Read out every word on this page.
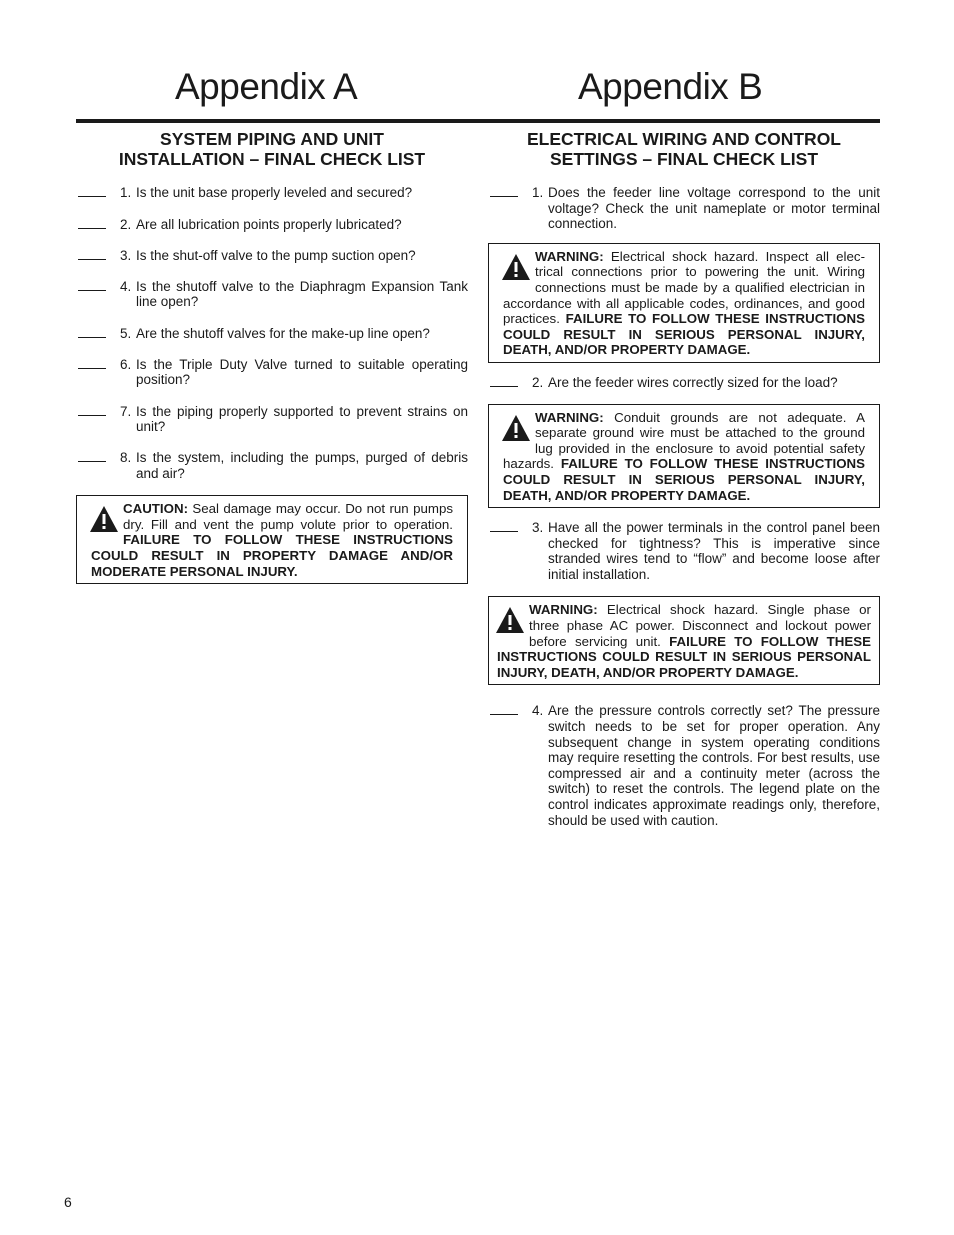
Appendix A	Appendix B
SYSTEM PIPING AND UNIT
INSTALLATION – FINAL CHECK LIST
1. Is the unit base properly leveled and secured?
2. Are all lubrication points properly lubricated?
3. Is the shut-off valve to the pump suction open?
4. Is the shutoff valve to the Diaphragm Expansion Tank line open?
5. Are the shutoff valves for the make-up line open?
6. Is the Triple Duty Valve turned to suitable operating position?
7. Is the piping properly supported to prevent strains on unit?
8. Is the system, including the pumps, purged of debris and air?
CAUTION: Seal damage may occur. Do not run pumps dry. Fill and vent the pump volute prior to operation. FAILURE TO FOLLOW THESE INSTRUCTIONS COULD RESULT IN PROPERTY DAMAGE AND/OR MODERATE PERSONAL INJURY.
ELECTRICAL WIRING AND CONTROL
SETTINGS – FINAL CHECK LIST
1. Does the feeder line voltage correspond to the unit voltage? Check the unit nameplate or motor terminal connection.
WARNING: Electrical shock hazard. Inspect all electrical connections prior to powering the unit. Wiring connections must be made by a qualified electrician in accordance with all applicable codes, ordinances, and good practices. FAILURE TO FOLLOW THESE INSTRUCTIONS COULD RESULT IN SERIOUS PERSONAL INJURY, DEATH, AND/OR PROPERTY DAMAGE.
2. Are the feeder wires correctly sized for the load?
WARNING: Conduit grounds are not adequate. A separate ground wire must be attached to the ground lug provided in the enclosure to avoid potential safety hazards. FAILURE TO FOLLOW THESE INSTRUCTIONS COULD RESULT IN SERIOUS PERSONAL INJURY, DEATH, AND/OR PROPERTY DAMAGE.
3. Have all the power terminals in the control panel been checked for tightness? This is imperative since stranded wires tend to “flow” and become loose after initial installation.
WARNING: Electrical shock hazard. Single phase or three phase AC power. Disconnect and lockout power before servicing unit. FAILURE TO FOLLOW THESE INSTRUCTIONS COULD RESULT IN SERIOUS PERSONAL INJURY, DEATH, AND/OR PROPERTY DAMAGE.
4. Are the pressure controls correctly set? The pressure switch needs to be set for proper operation. Any subsequent change in system operating conditions may require resetting the controls. For best results, use compressed air and a continuity meter (across the switch) to reset the controls. The legend plate on the control indicates approximate readings only, therefore, should be used with caution.
6
